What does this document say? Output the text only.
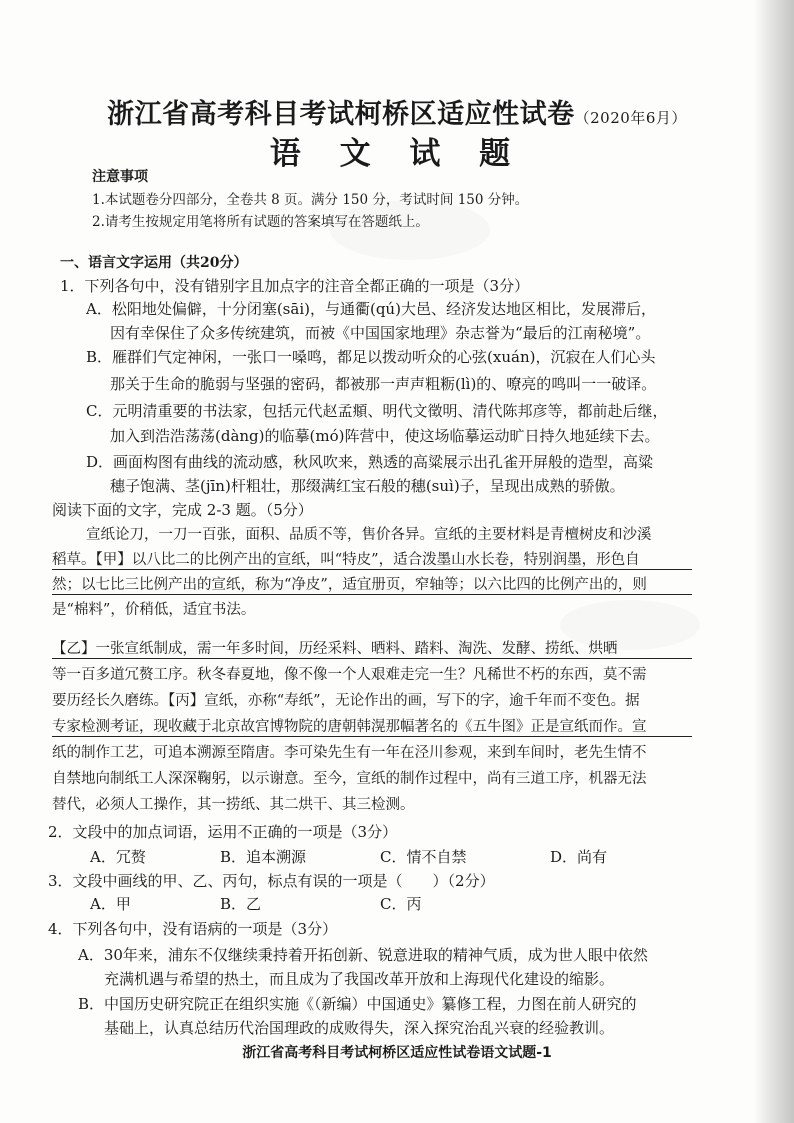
浙江省高考科目考试柯桥区适应性试卷（2020年6月）
语 文 试 题
注意事项
1.本试题卷分四部分，全卷共 8 页。满分 150 分，考试时间 150 分钟。
2.请考生按规定用笔将所有试题的答案填写在答题纸上。
一、语言文字运用（共20分）
1．下列各句中，没有错别字且加点字的注音全都正确的一项是（3分）
A．松阳地处偏僻，十分闭塞(sāi)，与通衢(qú)大邑、经济发达地区相比，发展滞后，
因有幸保住了众多传统建筑，而被《中国国家地理》杂志誉为“最后的江南秘境”。
B．雁群们气定神闲，一张口一嗓鸣，都足以拨动听众的心弦(xuán)，沉寂在人们心头
那关于生命的脆弱与坚强的密码，都被那一声声粗粝(lì)的、嘹亮的鸣叫一一破译。
C．元明清重要的书法家，包括元代赵孟頫、明代文徵明、清代陈邦彦等，都前赴后继，
加入到浩浩荡荡(dàng)的临摹(mó)阵营中，使这场临摹运动旷日持久地延续下去。
D．画面构图有曲线的流动感，秋风吹来，熟透的高粱展示出孔雀开屏般的造型，高粱
穗子饱满、茎(jīn)杆粗壮，那缀满红宝石般的穗(suì)子，呈现出成熟的骄傲。
阅读下面的文字，完成 2-3 题。（5分）
宣纸论刀，一刀一百张，面积、品质不等，售价各异。宣纸的主要材料是青檀树皮和沙溪
稻草。【甲】以八比二的比例产出的宣纸，叫“特皮”，适合泼墨山水长卷，特别润墨，形色自
然；以七比三比例产出的宣纸，称为“净皮”，适宜册页，窄轴等；以六比四的比例产出的，则
是“棉料”，价稍低，适宜书法。
【乙】一张宣纸制成，需一年多时间，历经采料、晒料、踏料、淘洗、发酵、捞纸、烘晒
等一百多道冗赘工序。秋冬春夏地，像不像一个人艰难走完一生？凡稀世不朽的东西，莫不需
要历经长久磨练。【丙】宣纸，亦称“寿纸”，无论作出的画，写下的字，逾千年而不变色。据
专家检测考证，现收藏于北京故宫博物院的唐朝韩滉那幅著名的《五牛图》正是宣纸而作。宣
纸的制作工艺，可追本溯源至隋唐。李可染先生有一年在泾川参观，来到车间时，老先生情不
自禁地向制纸工人深深鞠躬，以示谢意。至今，宣纸的制作过程中，尚有三道工序，机器无法
替代，必须人工操作，其一捞纸、其二烘干、其三检测。
2．文段中的加点词语，运用不正确的一项是（3分）
A．冗赘	B．追本溯源	C．情不自禁	D．尚有
3．文段中画线的甲、乙、丙句，标点有误的一项是（　　）（2分）
A．甲	B．乙	C．丙
4．下列各句中，没有语病的一项是（3分）
A．30年来，浦东不仅继续秉持着开拓创新、锐意进取的精神气质，成为世人眼中依然
充满机遇与希望的热土，而且成为了我国改革开放和上海现代化建设的缩影。
B．中国历史研究院正在组织实施《（新编）中国通史》纂修工程，力图在前人研究的
基础上，认真总结历代治国理政的成败得失，深入探究治乱兴衰的经验教训。
浙江省高考科目考试柯桥区适应性试卷语文试题-1
